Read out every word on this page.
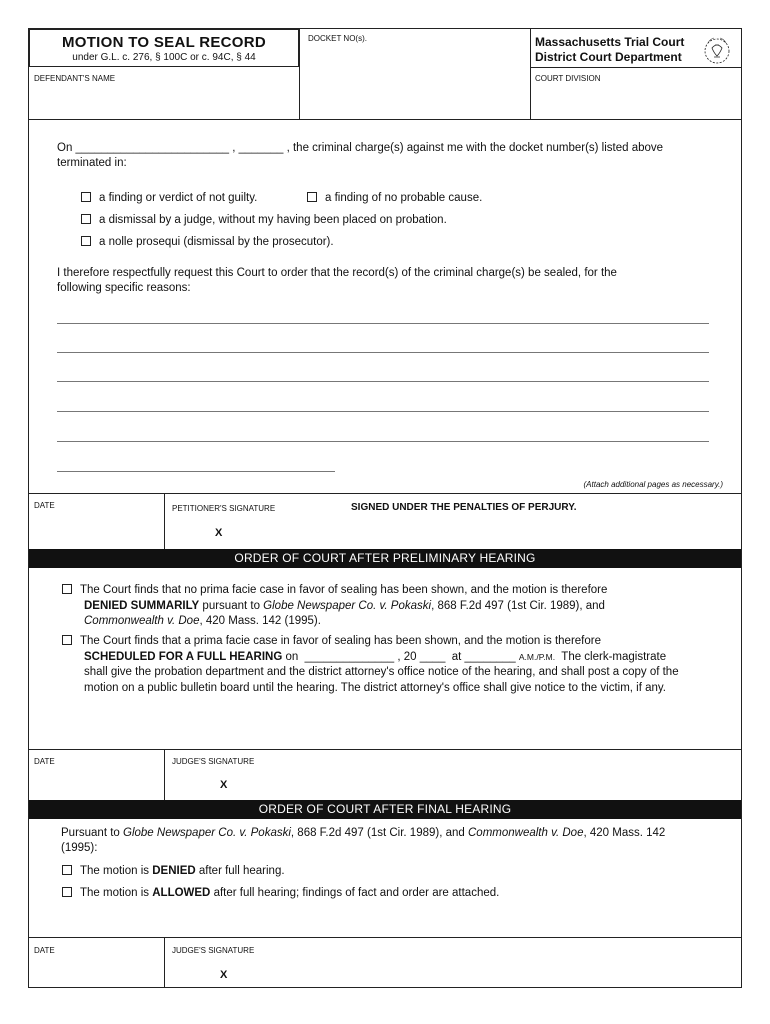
MOTION TO SEAL RECORD
under G.L. c. 276, § 100C or c. 94C, § 44
DEFENDANT'S NAME
DOCKET NO(s).	Massachusetts Trial Court
District Court Department
COURT DIVISION
On ________________________ , _______ , the criminal charge(s) against me with the docket number(s) listed above
terminated in:
a finding or verdict of not guilty.	a finding of no probable cause.
a dismissal by a judge, without my having been placed on probation.
a nolle prosequi (dismissal by the prosecutor).
I therefore respectfully request this Court to order that the record(s) of the criminal charge(s) be sealed, for the
following specific reasons:
(Attach additional pages as necessary.)
DATE	PETITIONER'S SIGNATURE	SIGNED UNDER THE PENALTIES OF PERJURY.
X
ORDER OF COURT AFTER PRELIMINARY HEARING
The Court finds that no prima facie case in favor of sealing has been shown, and the motion is therefore
DENIED SUMMARILY pursuant to Globe Newspaper Co. v. Pokaski, 868 F.2d 497 (1st Cir. 1989), and
Commonwealth v. Doe, 420 Mass. 142 (1995).
The Court finds that a prima facie case in favor of sealing has been shown, and the motion is therefore
SCHEDULED FOR A FULL HEARING on  ______________ , 20 ____  at ________ A.M./P.M.  The clerk-magistrate
shall give the probation department and the district attorney's office notice of the hearing, and shall post a copy of the
motion on a public bulletin board until the hearing. The district attorney's office shall give notice to the victim, if any.
DATE	JUDGE'S SIGNATURE
X
ORDER OF COURT AFTER FINAL HEARING
Pursuant to Globe Newspaper Co. v. Pokaski, 868 F.2d 497 (1st Cir. 1989), and Commonwealth v. Doe, 420 Mass. 142
(1995):
The motion is DENIED after full hearing.
The motion is ALLOWED after full hearing; findings of fact and order are attached.
DATE	JUDGE'S SIGNATURE
X
